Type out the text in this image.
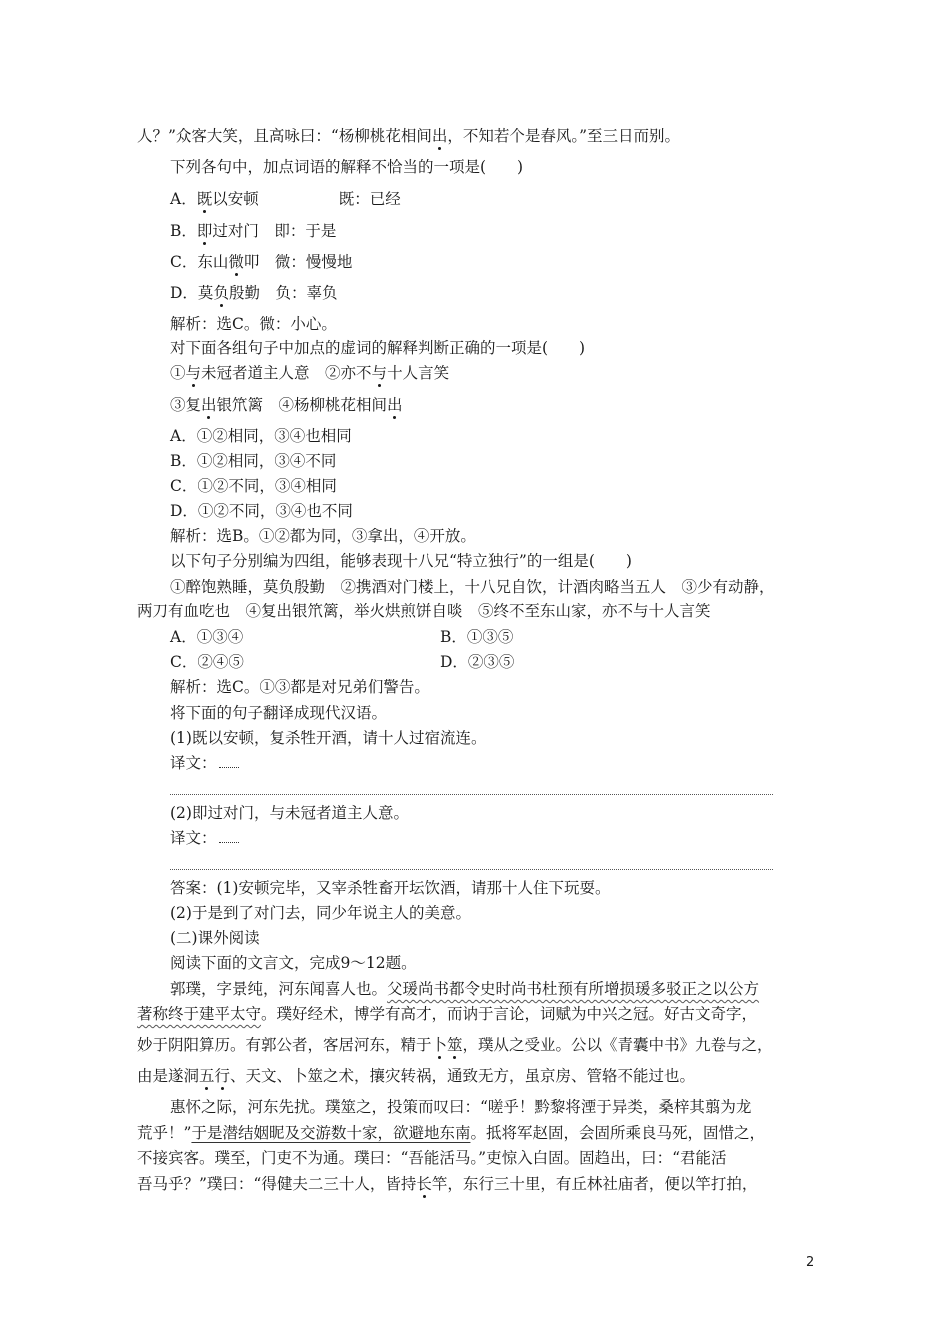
人？”众客大笑，且高咏曰：“杨柳桃花相间出，不知若个是春风。”至三日而别。
下列各句中，加点词语的解释不恰当的一项是(　　)
A．既以安顿	既：已经
B．即过对门　即：于是
C．东山微叩　微：慢慢地
D．莫负殷勤　负：辜负
解析：选C。微：小心。
对下面各组句子中加点的虚词的解释判断正确的一项是(　　)
①与未冠者道主人意　②亦不与十人言笑
③复出银笊篱　④杨柳桃花相间出
A．①②相同，③④也相同
B．①②相同，③④不同
C．①②不同，③④相同
D．①②不同，③④也不同
解析：选B。①②都为同，③拿出，④开放。
以下句子分别编为四组，能够表现十八兄“特立独行”的一组是(　　)
①醉饱熟睡，莫负殷勤　②携酒对门楼上，十八兄自饮，计酒肉略当五人　③少有动静，
两刀有血吃也　④复出银笊篱，举火烘煎饼自啖　⑤终不至东山家，亦不与十人言笑
A．①③④	B．①③⑤
C．②④⑤	D．②③⑤
解析：选C。①③都是对兄弟们警告。
将下面的句子翻译成现代汉语。
(1)既以安顿，复杀牲开酒，请十人过宿流连。
译文：
(2)即过对门，与未冠者道主人意。
译文：
答案：(1)安顿完毕，又宰杀牲畜开坛饮酒，请那十人住下玩耍。
(2)于是到了对门去，同少年说主人的美意。
(二)课外阅读
阅读下面的文言文，完成9～12题。
郭璞，字景纯，河东闻喜人也。父瑗尚书都令史时尚书杜预有所增损瑗多驳正之以公方
著称终于建平太守。璞好经术，博学有高才，而讷于言论，词赋为中兴之冠。好古文奇字，
妙于阴阳算历。有郭公者，客居河东，精于卜筮，璞从之受业。公以《青囊中书》九卷与之，
由是遂洞五行、天文、卜筮之术，攘灾转祸，通致无方，虽京房、管辂不能过也。
惠怀之际，河东先扰。璞筮之，投策而叹曰：“嗟乎！黔黎将湮于异类，桑梓其翦为龙
荒乎！”于是潜结姻昵及交游数十家，欲避地东南。抵将军赵固，会固所乘良马死，固惜之，
不接宾客。璞至，门吏不为通。璞曰：“吾能活马。”吏惊入白固。固趋出，曰：“君能活
吾马乎？”璞曰：“得健夫二三十人，皆持长竿，东行三十里，有丘林社庙者，便以竿打拍，
2
